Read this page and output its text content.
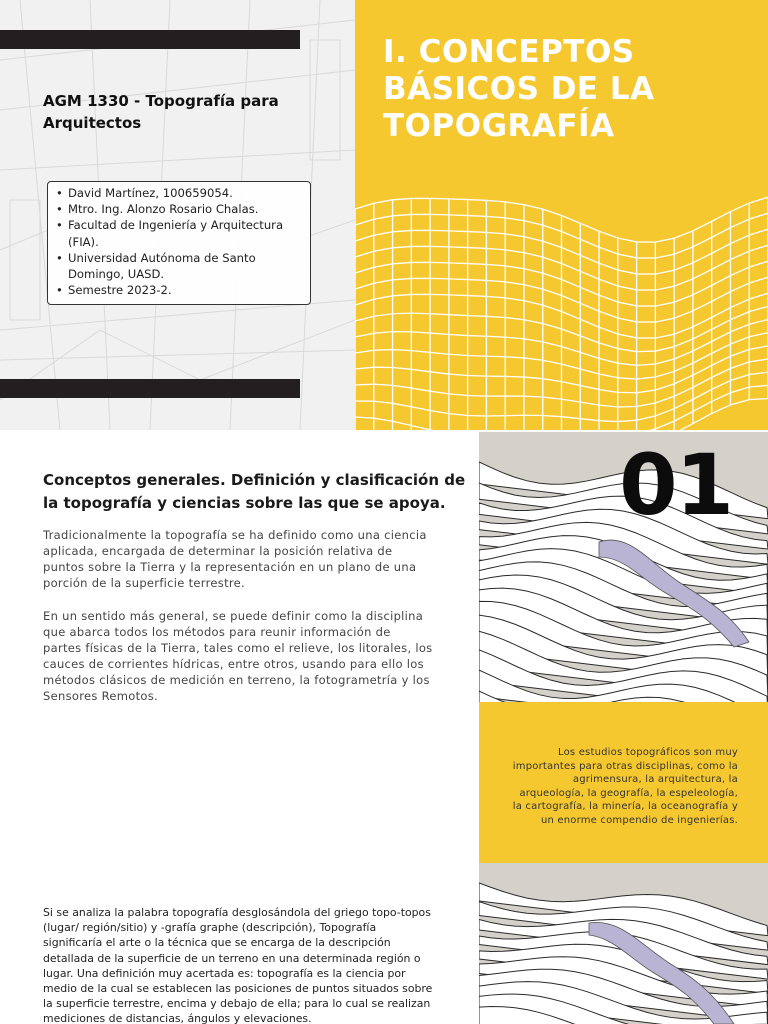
AGM 1330 - Topografía para Arquitectos
• David Martínez, 100659054.
• Mtro. Ing. Alonzo Rosario Chalas.
• Facultad de Ingeniería y Arquitectura (FIA).
• Universidad Autónoma de Santo Domingo, UASD.
• Semestre 2023-2.
I. CONCEPTOS BÁSICOS DE LA TOPOGRAFÍA
Conceptos generales. Definición y clasificación de la topografía y ciencias sobre las que se apoya.
Tradicionalmente la topografía se ha definido como una ciencia aplicada, encargada de determinar la posición relativa de puntos sobre la Tierra y la representación en un plano de una porción de la superficie terrestre.
En un sentido más general, se puede definir como la disciplina que abarca todos los métodos para reunir información de partes físicas de la Tierra, tales como el relieve, los litorales, los cauces de corrientes hídricas, entre otros, usando para ello los métodos clásicos de medición en terreno, la fotogrametría y los Sensores Remotos.
01

Los estudios topográficos son muy importantes para otras disciplinas, como la agrimensura, la arquitectura, la arqueología, la geografía, la espeleología, la cartografía, la minería, la oceanografía y un enorme compendio de ingenierías.

Si se analiza la palabra topografía desglosándola del griego topo-topos (lugar/ región/sitio) y -grafía graphe (descripción), Topografía significaría el arte o la técnica que se encarga de la descripción detallada de la superficie de un terreno en una determinada región o lugar. Una definición muy acertada es: topografía es la ciencia por medio de la cual se establecen las posiciones de puntos situados sobre la superficie terrestre, encima y debajo de ella; para lo cual se realizan mediciones de distancias, ángulos y elevaciones.
